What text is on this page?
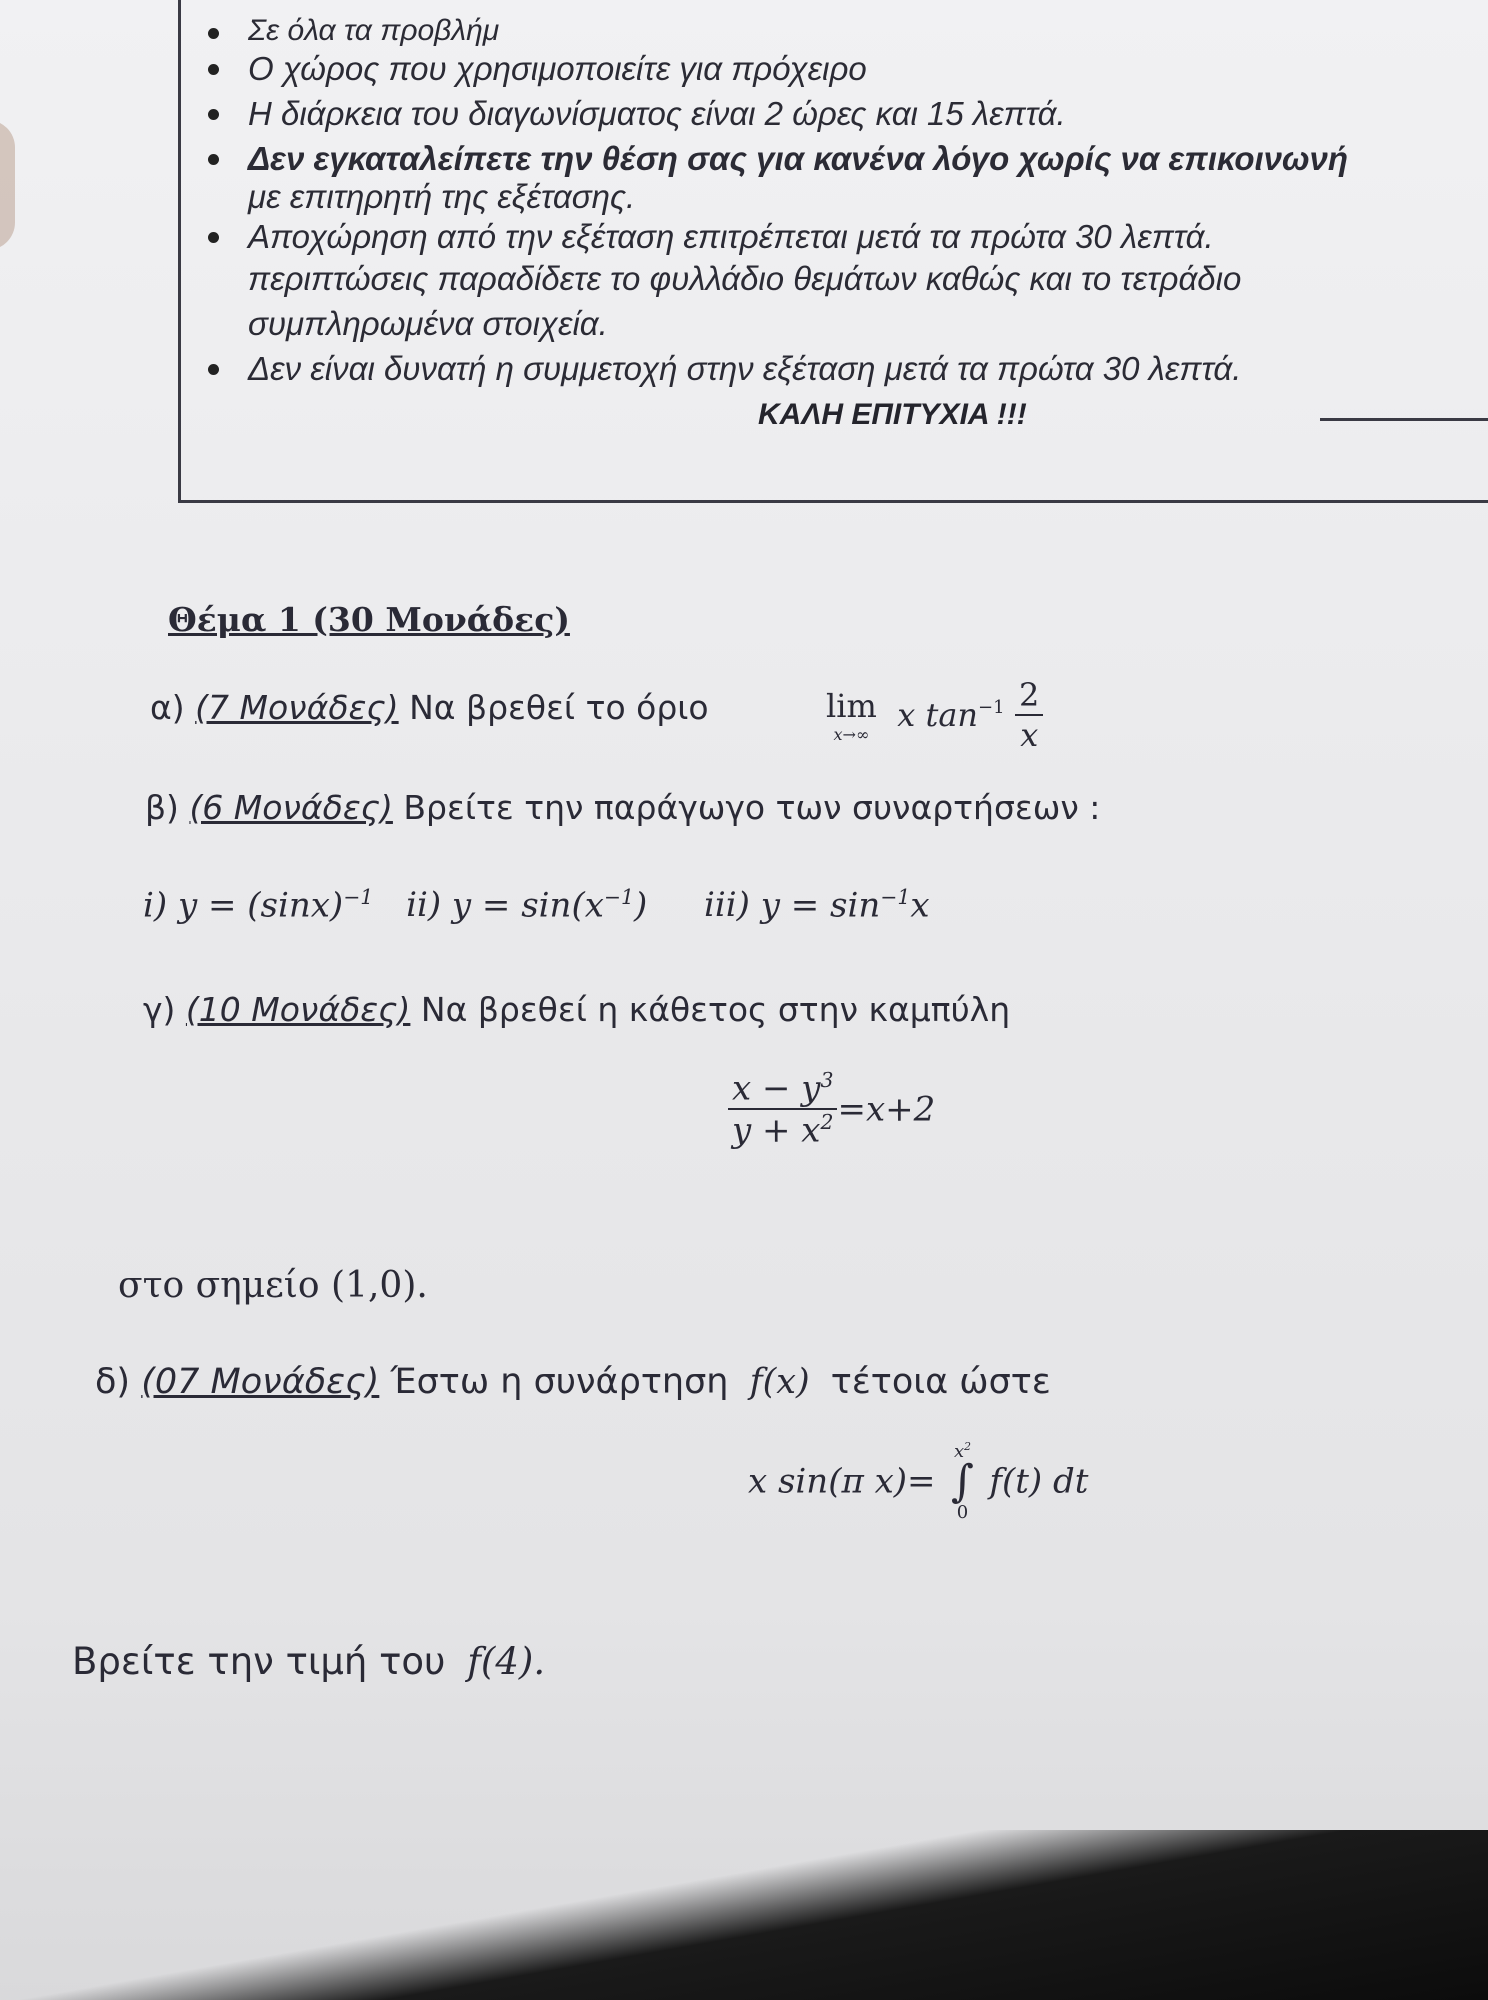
Σε όλα τα προβλήμ
Ο χώρος που χρησιμοποιείτε για πρόχειρο
Η διάρκεια του διαγωνίσματος είναι 2 ώρες και 15 λεπτά.
Δεν εγκαταλείπετε την θέση σας για κανένα λόγο χωρίς να επικοινωνή
με επιτηρητή της εξέτασης.
Αποχώρηση από την εξέταση επιτρέπεται μετά τα πρώτα 30 λεπτά.
περιπτώσεις παραδίδετε το φυλλάδιο θεμάτων καθώς και το τετράδιο
συμπληρωμένα στοιχεία.
Δεν είναι δυνατή η συμμετοχή στην εξέταση μετά τα πρώτα 30 λεπτά.
ΚΑΛΗ ΕΠΙΤΥΧΙΑ !!!
Θέμα 1 (30 Μονάδες)
α) (7 Μονάδες) Να βρεθεί το όριο	lim
x→∞ x $\tan^{-1} \frac{2}{x}$
β) (6 Μονάδες) Βρείτε την παράγωγο των συναρτήσεων :
i) $y = (\sin x)^{-1}$ ii) $y = \sin(x^{-1})$ iii) $y = \sin^{-1}x$
γ) (10 Μονάδες) Να βρεθεί η κάθετος στην καμπύλη
$\frac{x - y^3}{y + x^2} =x+2$
στο σημείο (1,0).
δ) (07 Μονάδες) Έστω η συνάρτηση f(x) τέτοια ώστε
x sin(π x)=
$x^2$
∫
0
f(t) dt
Βρείτε την τιμή του f(4).
